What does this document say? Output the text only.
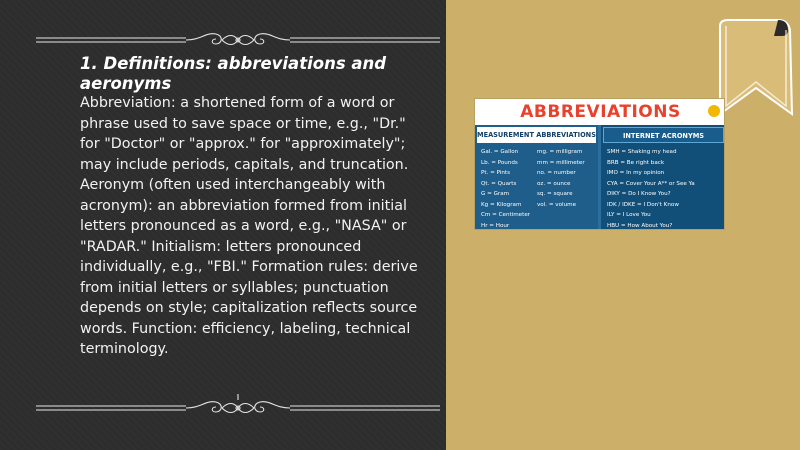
1. Definitions: abbreviations and aeronyms

Abbreviation: a shortened form of a word or phrase used to save space or time, e.g., "Dr." for "Doctor" or "approx." for "approximately"; may include periods, capitals, and truncation. Aeronym (often used interchangeably with acronym): an abbreviation formed from initial letters pronounced as a word, e.g., "NASA" or "RADAR." Initialism: letters pronounced individually, e.g., "FBI." Formation rules: derive from initial letters or syllables; punctuation depends on style; capitalization reflects source words. Function: efficiency, labeling, technical terminology.

ABBREVIATIONS
MEASUREMENT ABBREVIATIONS
Gal. = Gallon	mg. = milligram
Lb. = Pounds	mm = millimeter
Pt. = Pints	no. = number
Qt. = Quarts	oz. = ounce
G = Gram	sq. = square
Kg = Kilogram	vol. = volume
Cm = Centimeter
Hr = Hour
INTERNET ACRONYMS
SMH = Shaking my head
BRB = Be right back
IMO = In my opinion
CYA = Cover Your A** or See Ya
DIKY = Do I Know You?
IDK / IDKE = I Don't Know
ILY = I Love You
HBU = How About You?
